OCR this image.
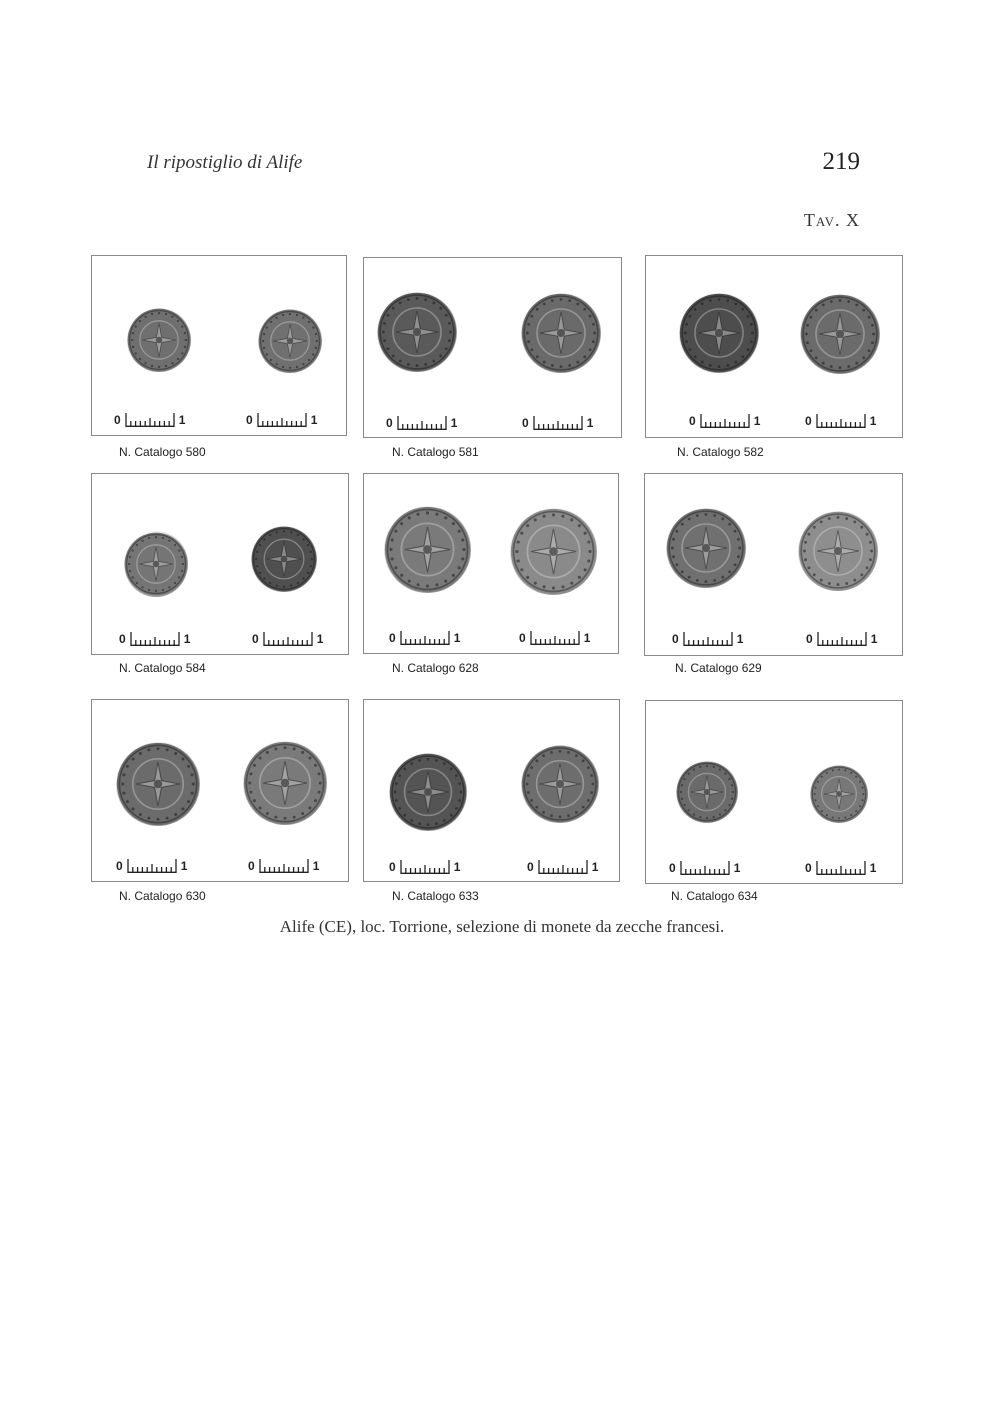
Il ripostiglio di Alife	219
Tav. X
0	1	0	1
N. Catalogo 580
0	1	0	1
N. Catalogo 581
0	1	0	1
N. Catalogo 582
0	1	0	1
N. Catalogo 584
0	1	0	1
N. Catalogo 628
0	1	0	1
N. Catalogo 629
0	1	0	1
N. Catalogo 630
0	1	0	1
N. Catalogo 633
0	1	0	1
N. Catalogo 634
Alife (CE), loc. Torrione, selezione di monete da zecche francesi.
